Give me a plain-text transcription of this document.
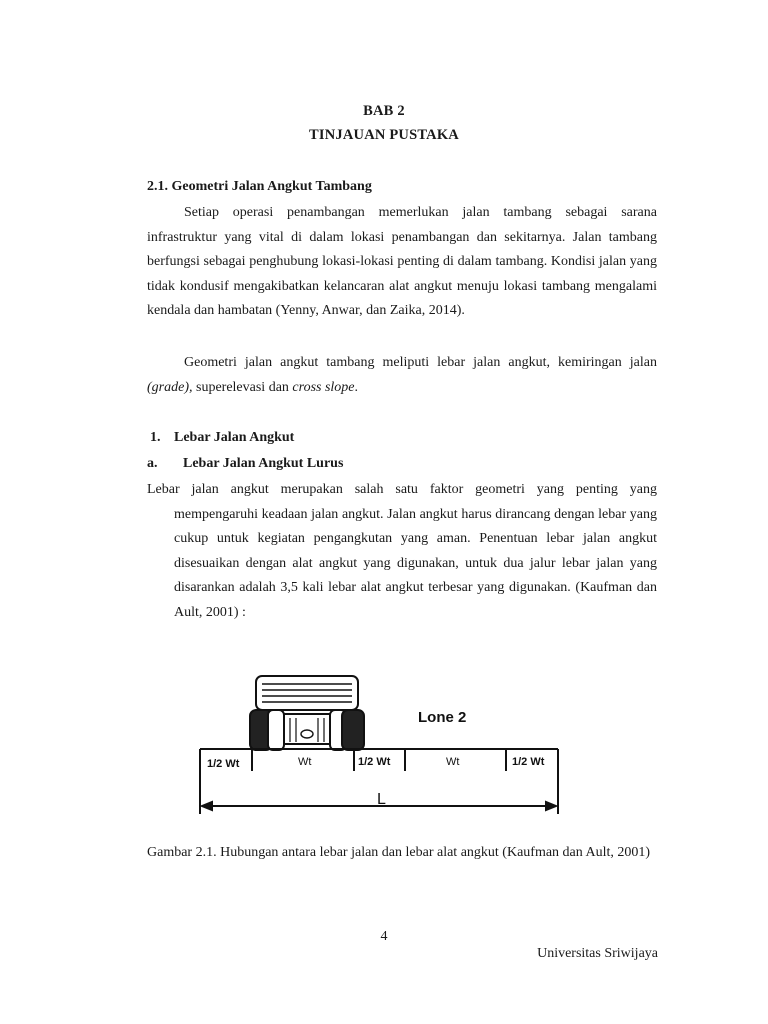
BAB 2
TINJAUAN PUSTAKA
2.1. Geometri Jalan Angkut Tambang
Setiap operasi penambangan memerlukan jalan tambang sebagai sarana infrastruktur yang vital di dalam lokasi penambangan dan sekitarnya. Jalan tambang berfungsi sebagai penghubung lokasi-lokasi penting di dalam tambang. Kondisi jalan yang tidak kondusif mengakibatkan kelancaran alat angkut menuju lokasi tambang mengalami kendala dan hambatan (Yenny, Anwar, dan Zaika, 2014).
Geometri jalan angkut tambang meliputi lebar jalan angkut, kemiringan jalan (grade), superelevasi dan cross slope.
1. Lebar Jalan Angkut
a. Lebar Jalan Angkut Lurus
Lebar jalan angkut merupakan salah satu faktor geometri yang penting yang mempengaruhi keadaan jalan angkut. Jalan angkut harus dirancang dengan lebar yang cukup untuk kegiatan pengangkutan yang aman. Penentuan lebar jalan angkut disesuaikan dengan alat angkut yang digunakan, untuk dua jalur lebar jalan yang disarankan adalah 3,5 kali lebar alat angkut terbesar yang digunakan. (Kaufman dan Ault, 2001) :
Lone 2
1/2 Wt	Wt	1/2 Wt	Wt	1/2 Wt
L
Gambar 2.1. Hubungan antara lebar jalan dan lebar alat angkut (Kaufman dan Ault, 2001)
4
Universitas Sriwijaya
